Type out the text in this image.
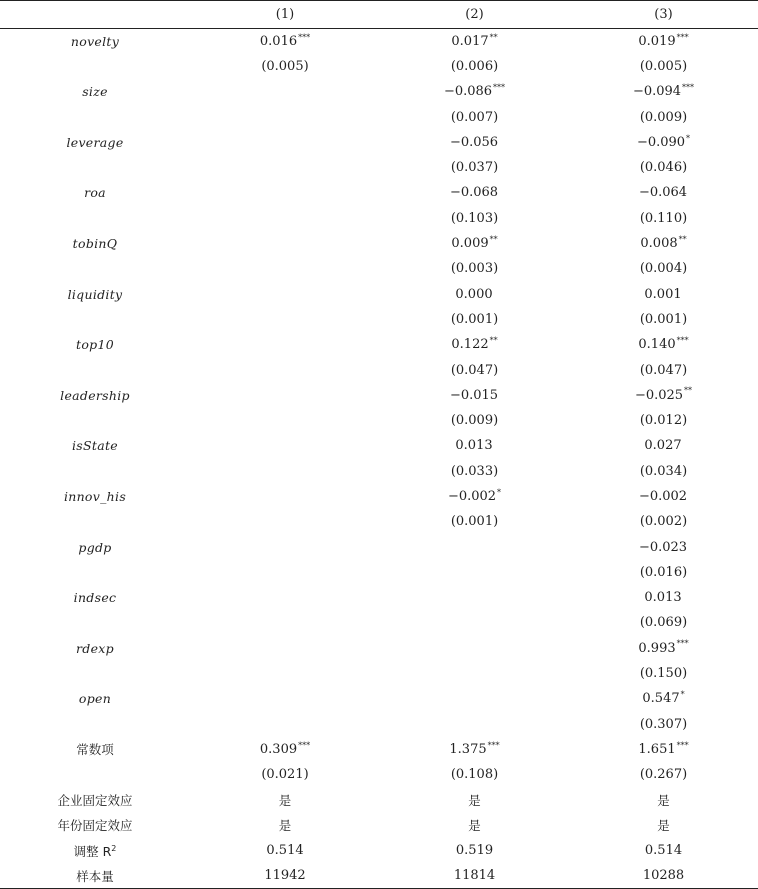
	(1)	(2)	(3)
novelty	0.016***	0.017**	0.019***
	(0.005)	(0.006)	(0.005)
size		−0.086***	−0.094***
		(0.007)	(0.009)
leverage		−0.056	−0.090*
		(0.037)	(0.046)
roa		−0.068	−0.064
		(0.103)	(0.110)
tobinQ		0.009**	0.008**
		(0.003)	(0.004)
liquidity		0.000	0.001
		(0.001)	(0.001)
top10		0.122**	0.140***
		(0.047)	(0.047)
leadership		−0.015	−0.025**
		(0.009)	(0.012)
isState		0.013	0.027
		(0.033)	(0.034)
innov_his		−0.002*	−0.002
		(0.001)	(0.002)
pgdp			−0.023
			(0.016)
indsec			0.013
			(0.069)
rdexp			0.993***
			(0.150)
open			0.547*
			(0.307)
常数项	0.309***	1.375***	1.651***
	(0.021)	(0.108)	(0.267)
企业固定效应	是	是	是
年份固定效应	是	是	是
调整 $R^2$	0.514	0.519	0.514
样本量	11942	11814	10288
